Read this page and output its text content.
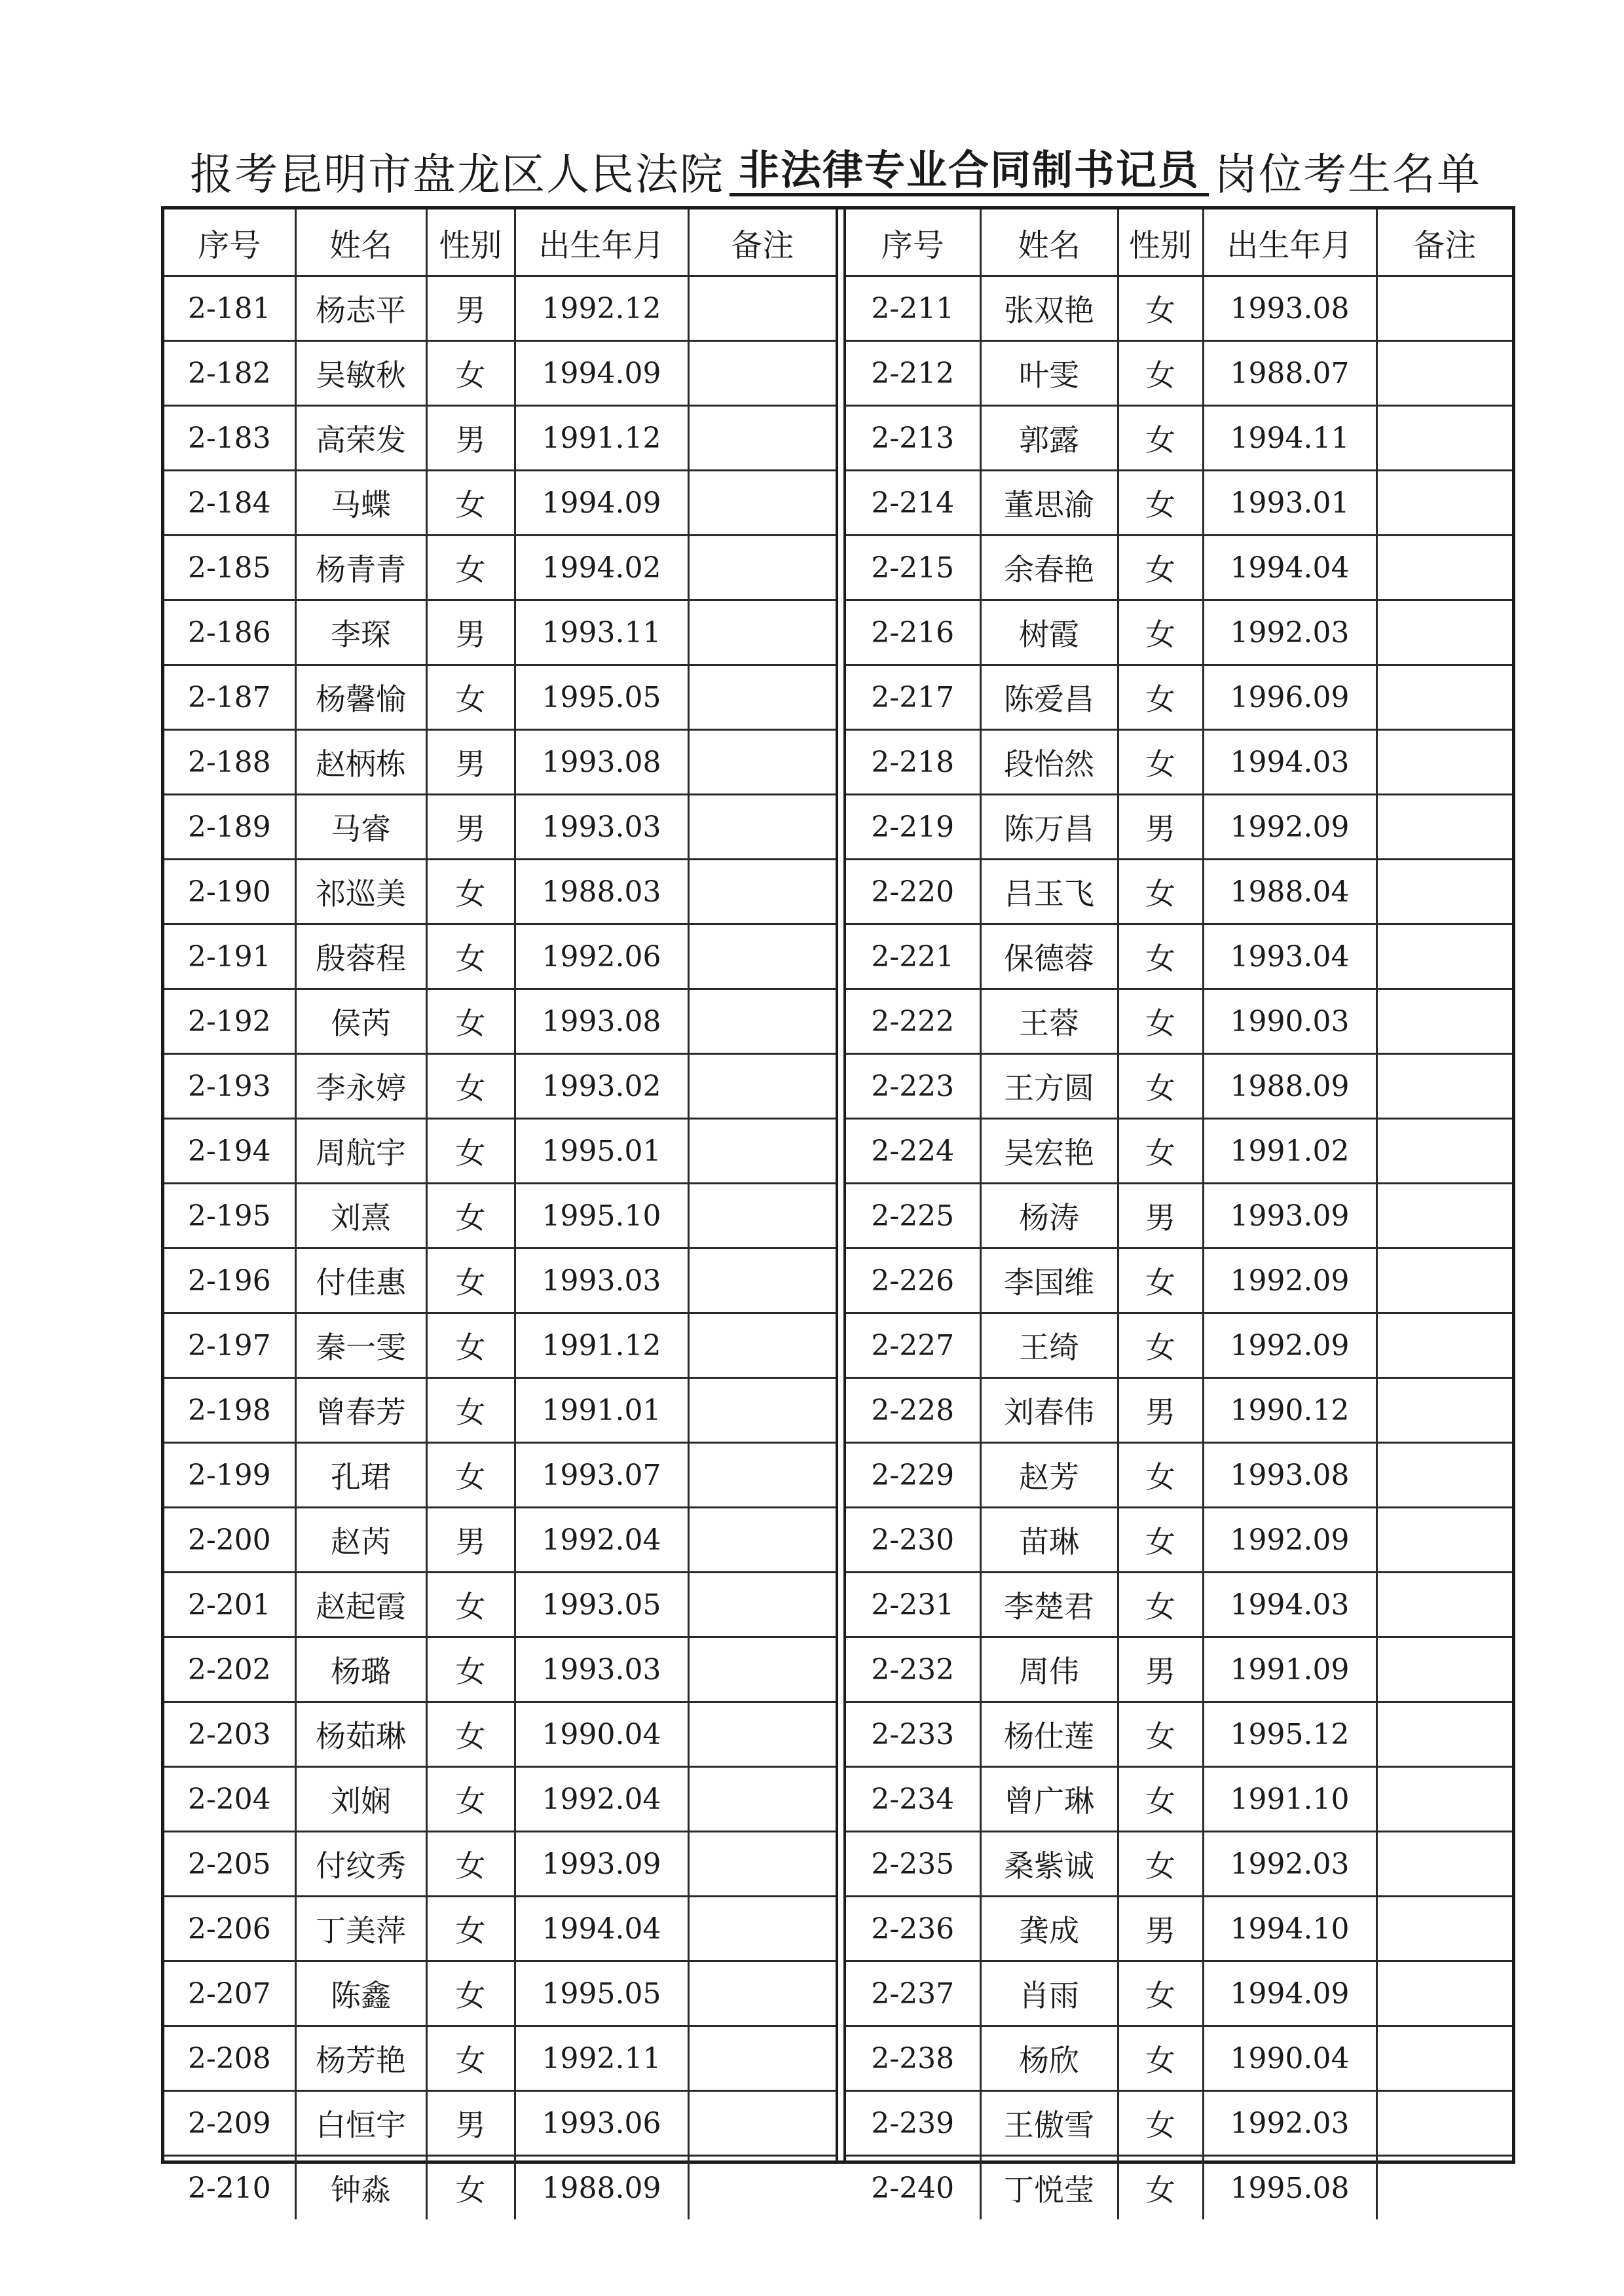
报考昆明市盘龙区人民法院 非法律专业合同制书记员 岗位考生名单
序号	姓名	性别	出生年月	备注
2-181	杨志平	男	1992.12	
2-182	吴敏秋	女	1994.09	
2-183	高荣发	男	1991.12	
2-184	马蝶	女	1994.09	
2-185	杨青青	女	1994.02	
2-186	李琛	男	1993.11	
2-187	杨馨愉	女	1995.05	
2-188	赵柄栋	男	1993.08	
2-189	马睿	男	1993.03	
2-190	祁巡美	女	1988.03	
2-191	殷蓉程	女	1992.06	
2-192	侯芮	女	1993.08	
2-193	李永婷	女	1993.02	
2-194	周航宇	女	1995.01	
2-195	刘熹	女	1995.10	
2-196	付佳惠	女	1993.03	
2-197	秦一雯	女	1991.12	
2-198	曾春芳	女	1991.01	
2-199	孔珺	女	1993.07	
2-200	赵芮	男	1992.04	
2-201	赵起霞	女	1993.05	
2-202	杨璐	女	1993.03	
2-203	杨茹琳	女	1990.04	
2-204	刘娴	女	1992.04	
2-205	付纹秀	女	1993.09	
2-206	丁美萍	女	1994.04	
2-207	陈鑫	女	1995.05	
2-208	杨芳艳	女	1992.11	
2-209	白恒宇	男	1993.06	
2-210	钟淼	女	1988.09	
序号	姓名	性别	出生年月	备注
2-211	张双艳	女	1993.08	
2-212	叶雯	女	1988.07	
2-213	郭露	女	1994.11	
2-214	董思渝	女	1993.01	
2-215	余春艳	女	1994.04	
2-216	树霞	女	1992.03	
2-217	陈爱昌	女	1996.09	
2-218	段怡然	女	1994.03	
2-219	陈万昌	男	1992.09	
2-220	吕玉飞	女	1988.04	
2-221	保德蓉	女	1993.04	
2-222	王蓉	女	1990.03	
2-223	王方圆	女	1988.09	
2-224	吴宏艳	女	1991.02	
2-225	杨涛	男	1993.09	
2-226	李国维	女	1992.09	
2-227	王绮	女	1992.09	
2-228	刘春伟	男	1990.12	
2-229	赵芳	女	1993.08	
2-230	苗琳	女	1992.09	
2-231	李楚君	女	1994.03	
2-232	周伟	男	1991.09	
2-233	杨仕莲	女	1995.12	
2-234	曾广琳	女	1991.10	
2-235	桑紫诚	女	1992.03	
2-236	龚成	男	1994.10	
2-237	肖雨	女	1994.09	
2-238	杨欣	女	1990.04	
2-239	王傲雪	女	1992.03	
2-240	丁悦莹	女	1995.08	
